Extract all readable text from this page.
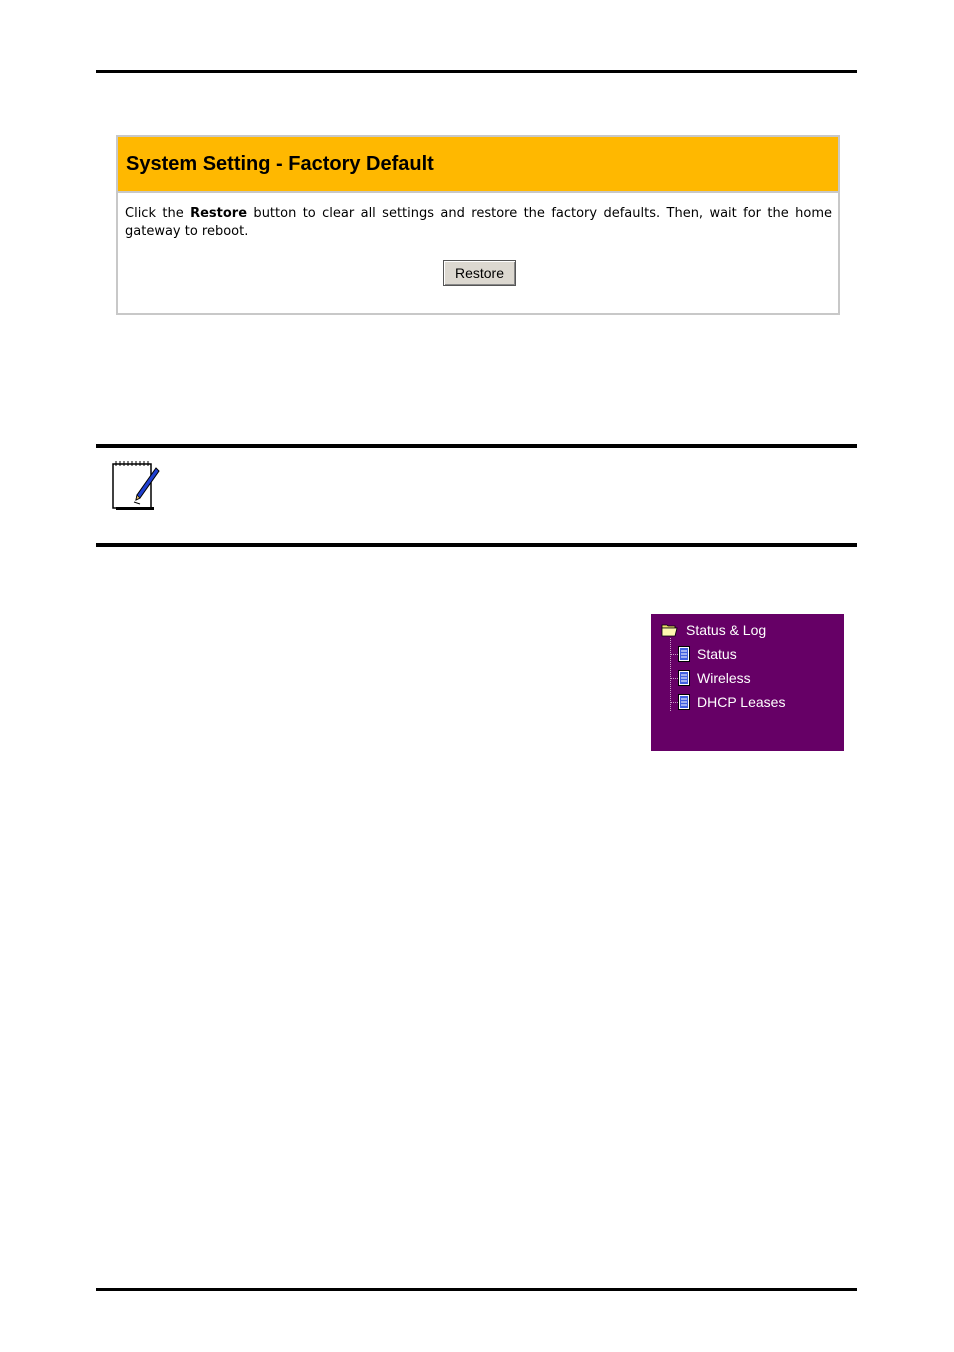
System Setting - Factory Default
Click the Restore button to clear all settings and restore the factory defaults. Then, wait for the home gateway to reboot.
Restore
Status & Log
Status
Wireless
DHCP Leases
